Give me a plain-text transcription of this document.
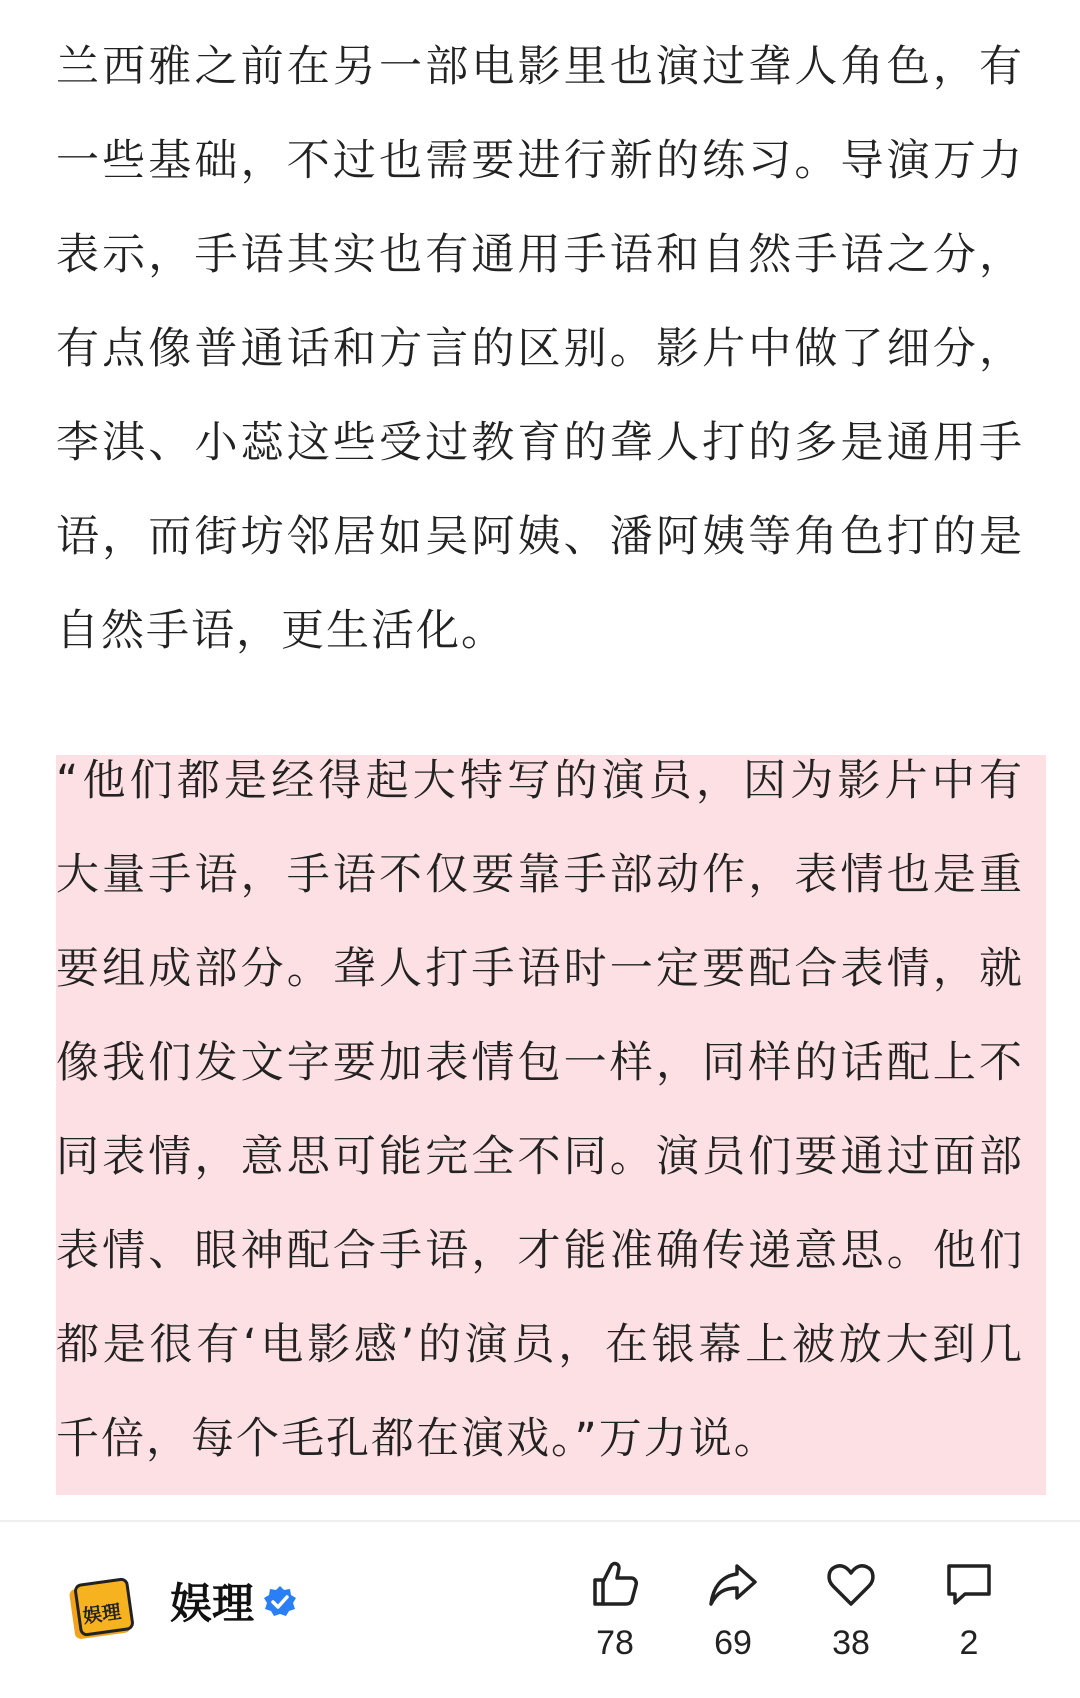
兰西雅之前在另一部电影里也演过聋人角色，有一些基础，不过也需要进行新的练习。导演万力表示，手语其实也有通用手语和自然手语之分，有点像普通话和方言的区别。影片中做了细分，李淇、小蕊这些受过教育的聋人打的多是通用手语，而街坊邻居如吴阿姨、潘阿姨等角色打的是自然手语，更生活化。

“他们都是经得起大特写的演员，因为影片中有大量手语，手语不仅要靠手部动作，表情也是重要组成部分。聋人打手语时一定要配合表情，就像我们发文字要加表情包一样，同样的话配上不同表情，意思可能完全不同。演员们要通过面部表情、眼神配合手语，才能准确传递意思。他们都是很有‘电影感’的演员，在银幕上被放大到几千倍，每个毛孔都在演戏。”万力说。

娱理 娱理
78	69	38	2
